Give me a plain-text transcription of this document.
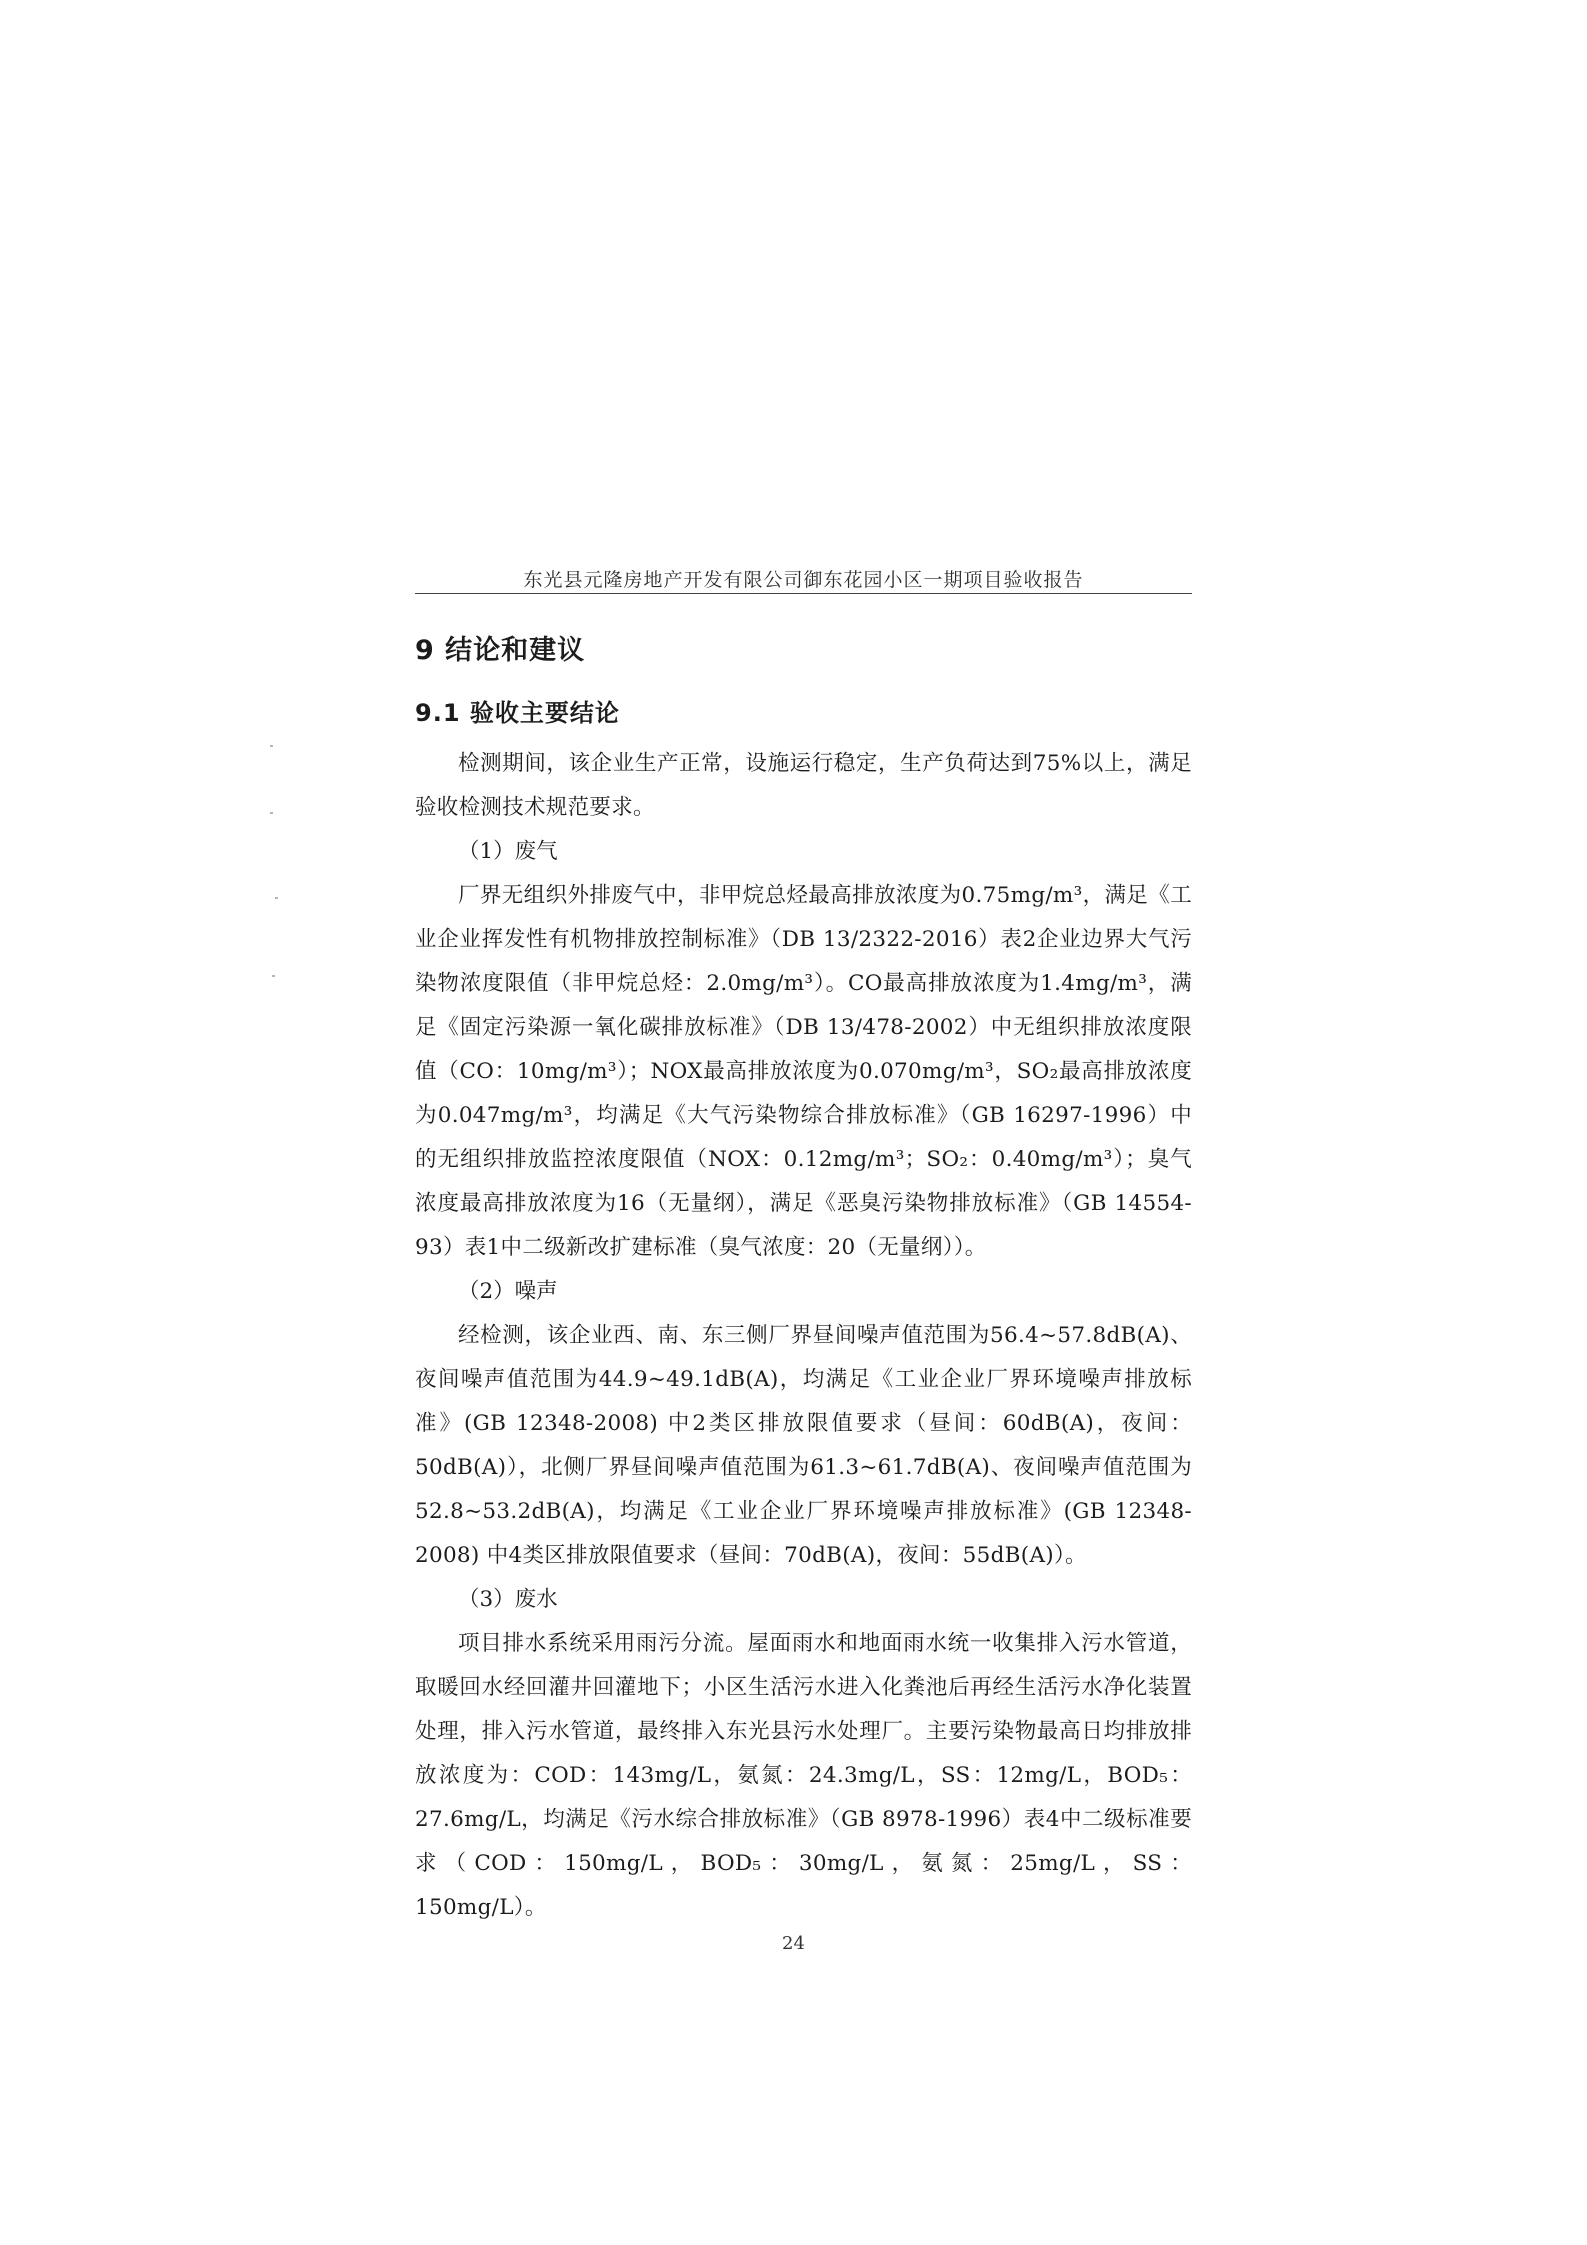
东光县元隆房地产开发有限公司御东花园小区一期项目验收报告
9 结论和建议
9.1 验收主要结论

检测期间，该企业生产正常，设施运行稳定，生产负荷达到75%以上，满足验收检测技术规范要求。

（1）废气

厂界无组织外排废气中，非甲烷总烃最高排放浓度为0.75mg/m³，满足《工业企业挥发性有机物排放控制标准》（DB 13/2322-2016）表2企业边界大气污染物浓度限值（非甲烷总烃：2.0mg/m³）。CO最高排放浓度为1.4mg/m³，满足《固定污染源一氧化碳排放标准》（DB 13/478-2002）中无组织排放浓度限值（CO：10mg/m³）；NOX最高排放浓度为0.070mg/m³，SO₂最高排放浓度为0.047mg/m³，均满足《大气污染物综合排放标准》（GB 16297-1996）中的无组织排放监控浓度限值（NOX：0.12mg/m³；SO₂：0.40mg/m³）；臭气浓度最高排放浓度为16（无量纲），满足《恶臭污染物排放标准》（GB 14554-93）表1中二级新改扩建标准（臭气浓度：20（无量纲））。

（2）噪声

经检测，该企业西、南、东三侧厂界昼间噪声值范围为56.4~57.8dB(A)、夜间噪声值范围为44.9~49.1dB(A)，均满足《工业企业厂界环境噪声排放标准》(GB 12348-2008) 中2类区排放限值要求（昼间：60dB(A)，夜间：50dB(A)），北侧厂界昼间噪声值范围为61.3~61.7dB(A)、夜间噪声值范围为52.8~53.2dB(A)，均满足《工业企业厂界环境噪声排放标准》(GB 12348-2008) 中4类区排放限值要求（昼间：70dB(A)，夜间：55dB(A)）。

（3）废水

项目排水系统采用雨污分流。屋面雨水和地面雨水统一收集排入污水管道，取暖回水经回灌井回灌地下；小区生活污水进入化粪池后再经生活污水净化装置处理，排入污水管道，最终排入东光县污水处理厂。主要污染物最高日均排放排放浓度为：COD：143mg/L，氨氮：24.3mg/L，SS：12mg/L，BOD₅：27.6mg/L，均满足《污水综合排放标准》（GB 8978-1996）表4中二级标准要求（COD：150mg/L，BOD₅：30mg/L，氨氮：25mg/L，SS：150mg/L）。

24
